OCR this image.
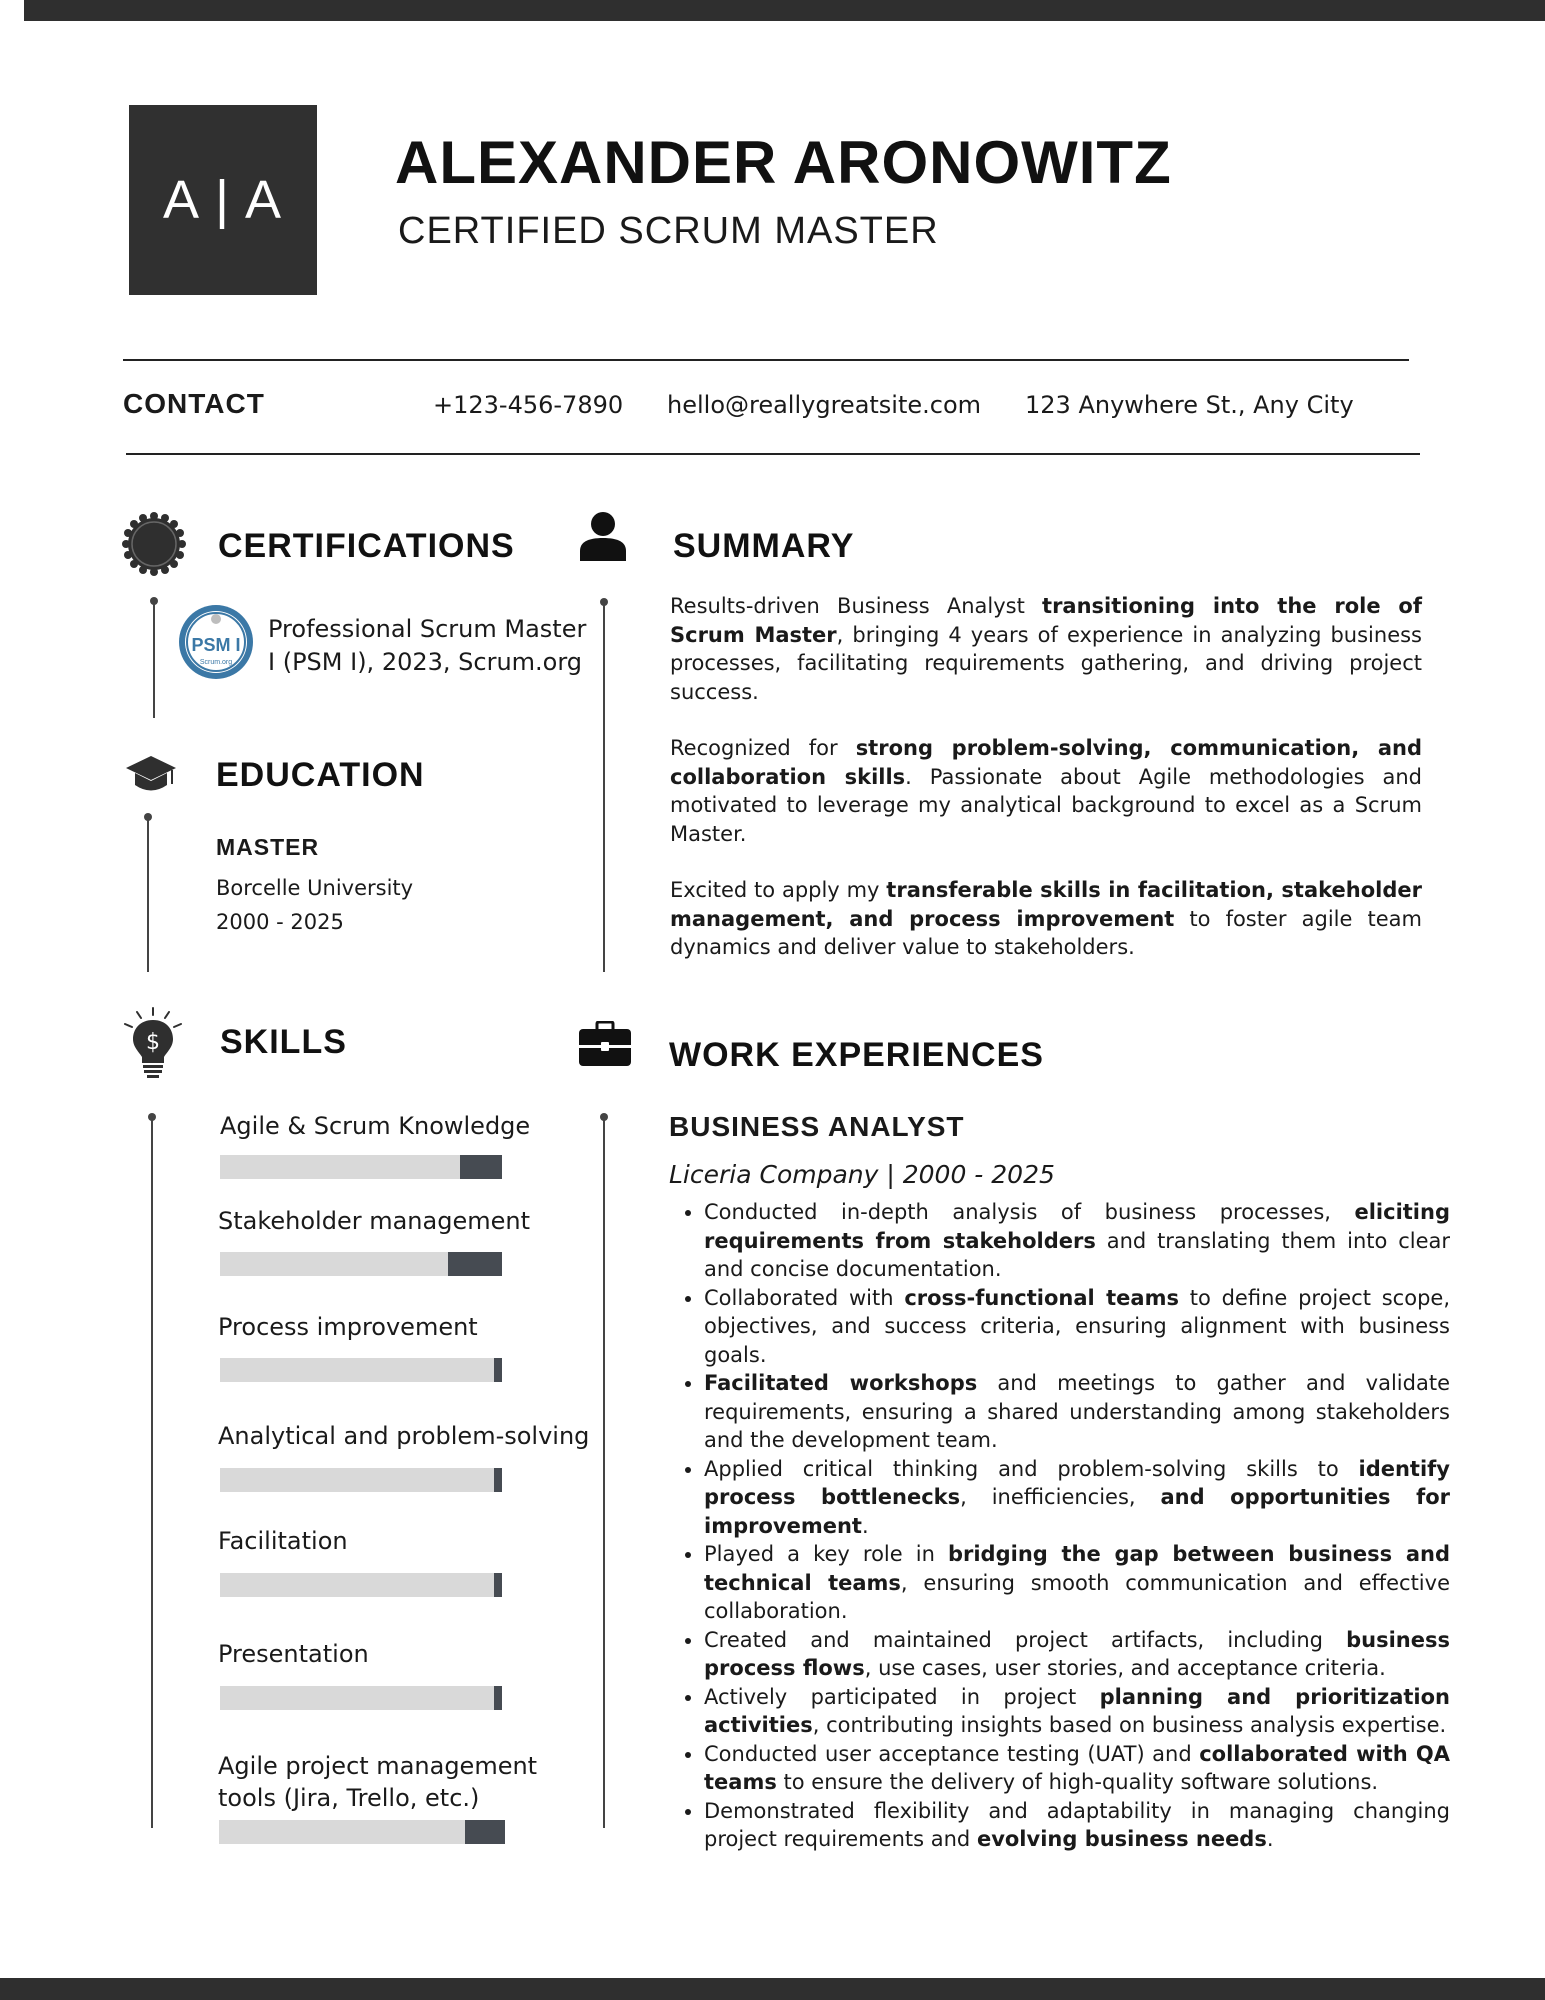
A | A
ALEXANDER ARONOWITZ
CERTIFIED SCRUM MASTER
CONTACT	+123-456-7890 hello@reallygreatsite.com 123 Anywhere St., Any City
CERTIFICATIONS
PSM I
Scrum.org
Professional Scrum Master I (PSM I), 2023, Scrum.org
EDUCATION
MASTER
Borcelle University
2000 - 2025
$ SKILLS
Agile & Scrum Knowledge
Stakeholder management
Process improvement
Analytical and problem-solving
Facilitation
Presentation
Agile project management tools (Jira, Trello, etc.)
SUMMARY

Results-driven Business Analyst transitioning into the role of Scrum Master, bringing 4 years of experience in analyzing business processes, facilitating requirements gathering, and driving project success.

Recognized for strong problem-solving, communication, and collaboration skills. Passionate about Agile methodologies and motivated to leverage my analytical background to excel as a Scrum Master.

Excited to apply my transferable skills in facilitation, stakeholder management, and process improvement to foster agile team dynamics and deliver value to stakeholders.

WORK EXPERIENCES
BUSINESS ANALYST
Liceria Company | 2000 - 2025
• Conducted in-depth analysis of business processes, eliciting requirements from stakeholders and translating them into clear and concise documentation.
• Collaborated with cross-functional teams to define project scope, objectives, and success criteria, ensuring alignment with business goals.
• Facilitated workshops and meetings to gather and validate requirements, ensuring a shared understanding among stakeholders and the development team.
• Applied critical thinking and problem-solving skills to identify process bottlenecks, inefficiencies, and opportunities for improvement.
• Played a key role in bridging the gap between business and technical teams, ensuring smooth communication and effective collaboration.
• Created and maintained project artifacts, including business process flows, use cases, user stories, and acceptance criteria.
• Actively participated in project planning and prioritization activities, contributing insights based on business analysis expertise.
• Conducted user acceptance testing (UAT) and collaborated with QA teams to ensure the delivery of high-quality software solutions.
• Demonstrated flexibility and adaptability in managing changing project requirements and evolving business needs.
